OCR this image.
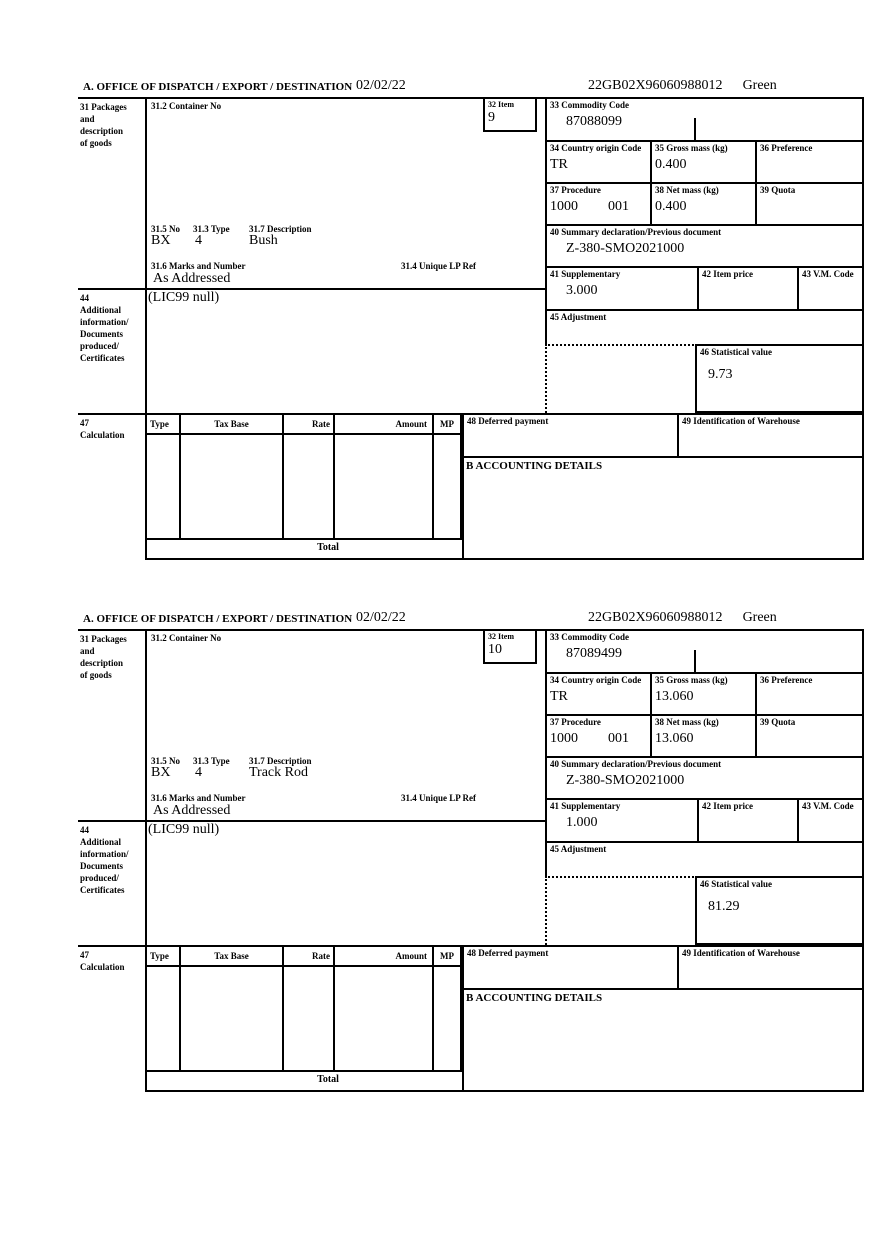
A. OFFICE OF DISPATCH / EXPORT / DESTINATION 02/02/22	22GB02X96060988012 Green
31 Packages
and
description
of goods
44
Additional
information/
Documents
produced/
Certificates
47
Calculation
31.2 Container No	32 Item
9
31.5 No 31.3 Type 31.7 Description
BX 4	Bush
31.6 Marks and Number	31.4 Unique LP Ref
As Addressed
(LIC99 null)
33 Commodity Code
87088099
34 Country origin Code
TR
35 Gross mass (kg)
0.400
36 Preference
37 Procedure
1000 001
38 Net mass (kg)
0.400
39 Quota
40 Summary declaration/Previous document
Z-380-SMO2021000
41 Supplementary
3.000
42 Item price	43 V.M. Code
45 Adjustment
46 Statistical value
9.73
Type	Tax Base	Rate	Amount	MP
Total
48 Deferred payment	49 Identification of Warehouse
B ACCOUNTING DETAILS
A. OFFICE OF DISPATCH / EXPORT / DESTINATION 02/02/22	22GB02X96060988012 Green
31 Packages
and
description
of goods
44
Additional
information/
Documents
produced/
Certificates
47
Calculation
31.2 Container No	32 Item
10
31.5 No 31.3 Type 31.7 Description
BX 4	Track Rod
31.6 Marks and Number	31.4 Unique LP Ref
As Addressed
(LIC99 null)
33 Commodity Code
87089499
34 Country origin Code
TR
35 Gross mass (kg)
13.060
36 Preference
37 Procedure
1000 001
38 Net mass (kg)
13.060
39 Quota
40 Summary declaration/Previous document
Z-380-SMO2021000
41 Supplementary
1.000
42 Item price	43 V.M. Code
45 Adjustment
46 Statistical value
81.29
Type	Tax Base	Rate	Amount	MP
Total
48 Deferred payment	49 Identification of Warehouse
B ACCOUNTING DETAILS
